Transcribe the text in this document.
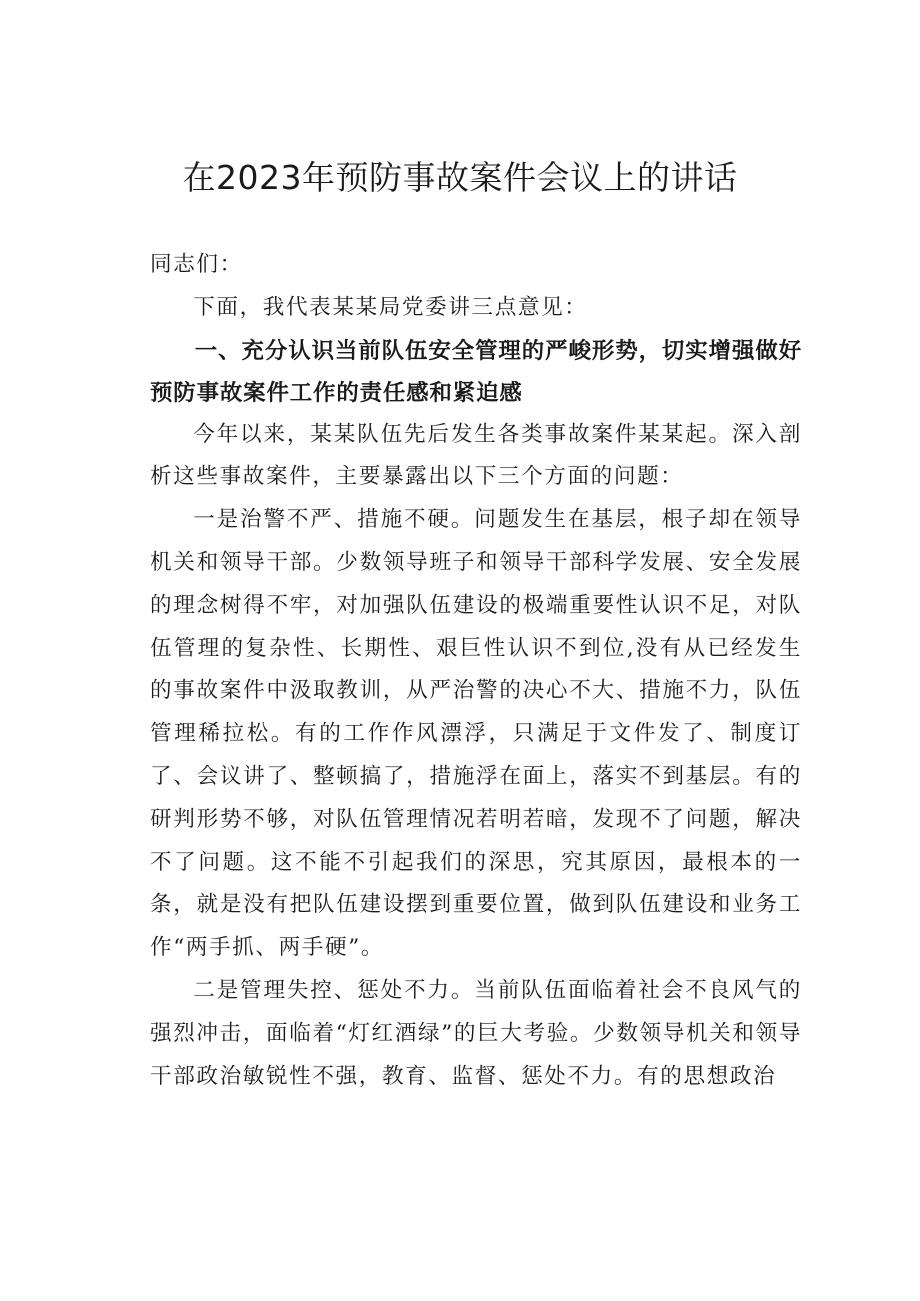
在2023年预防事故案件会议上的讲话

同志们：

下面，我代表某某局党委讲三点意见：

一、充分认识当前队伍安全管理的严峻形势，切实增强做好预防事故案件工作的责任感和紧迫感

今年以来，某某队伍先后发生各类事故案件某某起。深入剖析这些事故案件，主要暴露出以下三个方面的问题：

一是治警不严、措施不硬。问题发生在基层，根子却在领导机关和领导干部。少数领导班子和领导干部科学发展、安全发展的理念树得不牢，对加强队伍建设的极端重要性认识不足，对队伍管理的复杂性、长期性、艰巨性认识不到位,没有从已经发生的事故案件中汲取教训，从严治警的决心不大、措施不力，队伍管理稀拉松。有的工作作风漂浮，只满足于文件发了、制度订了、会议讲了、整顿搞了，措施浮在面上，落实不到基层。有的研判形势不够，对队伍管理情况若明若暗，发现不了问题，解决不了问题。这不能不引起我们的深思，究其原因，最根本的一条，就是没有把队伍建设摆到重要位置，做到队伍建设和业务工作“两手抓、两手硬”。

二是管理失控、惩处不力。当前队伍面临着社会不良风气的强烈冲击，面临着“灯红酒绿”的巨大考验。少数领导机关和领导干部政治敏锐性不强，教育、监督、惩处不力。有的思想政治
